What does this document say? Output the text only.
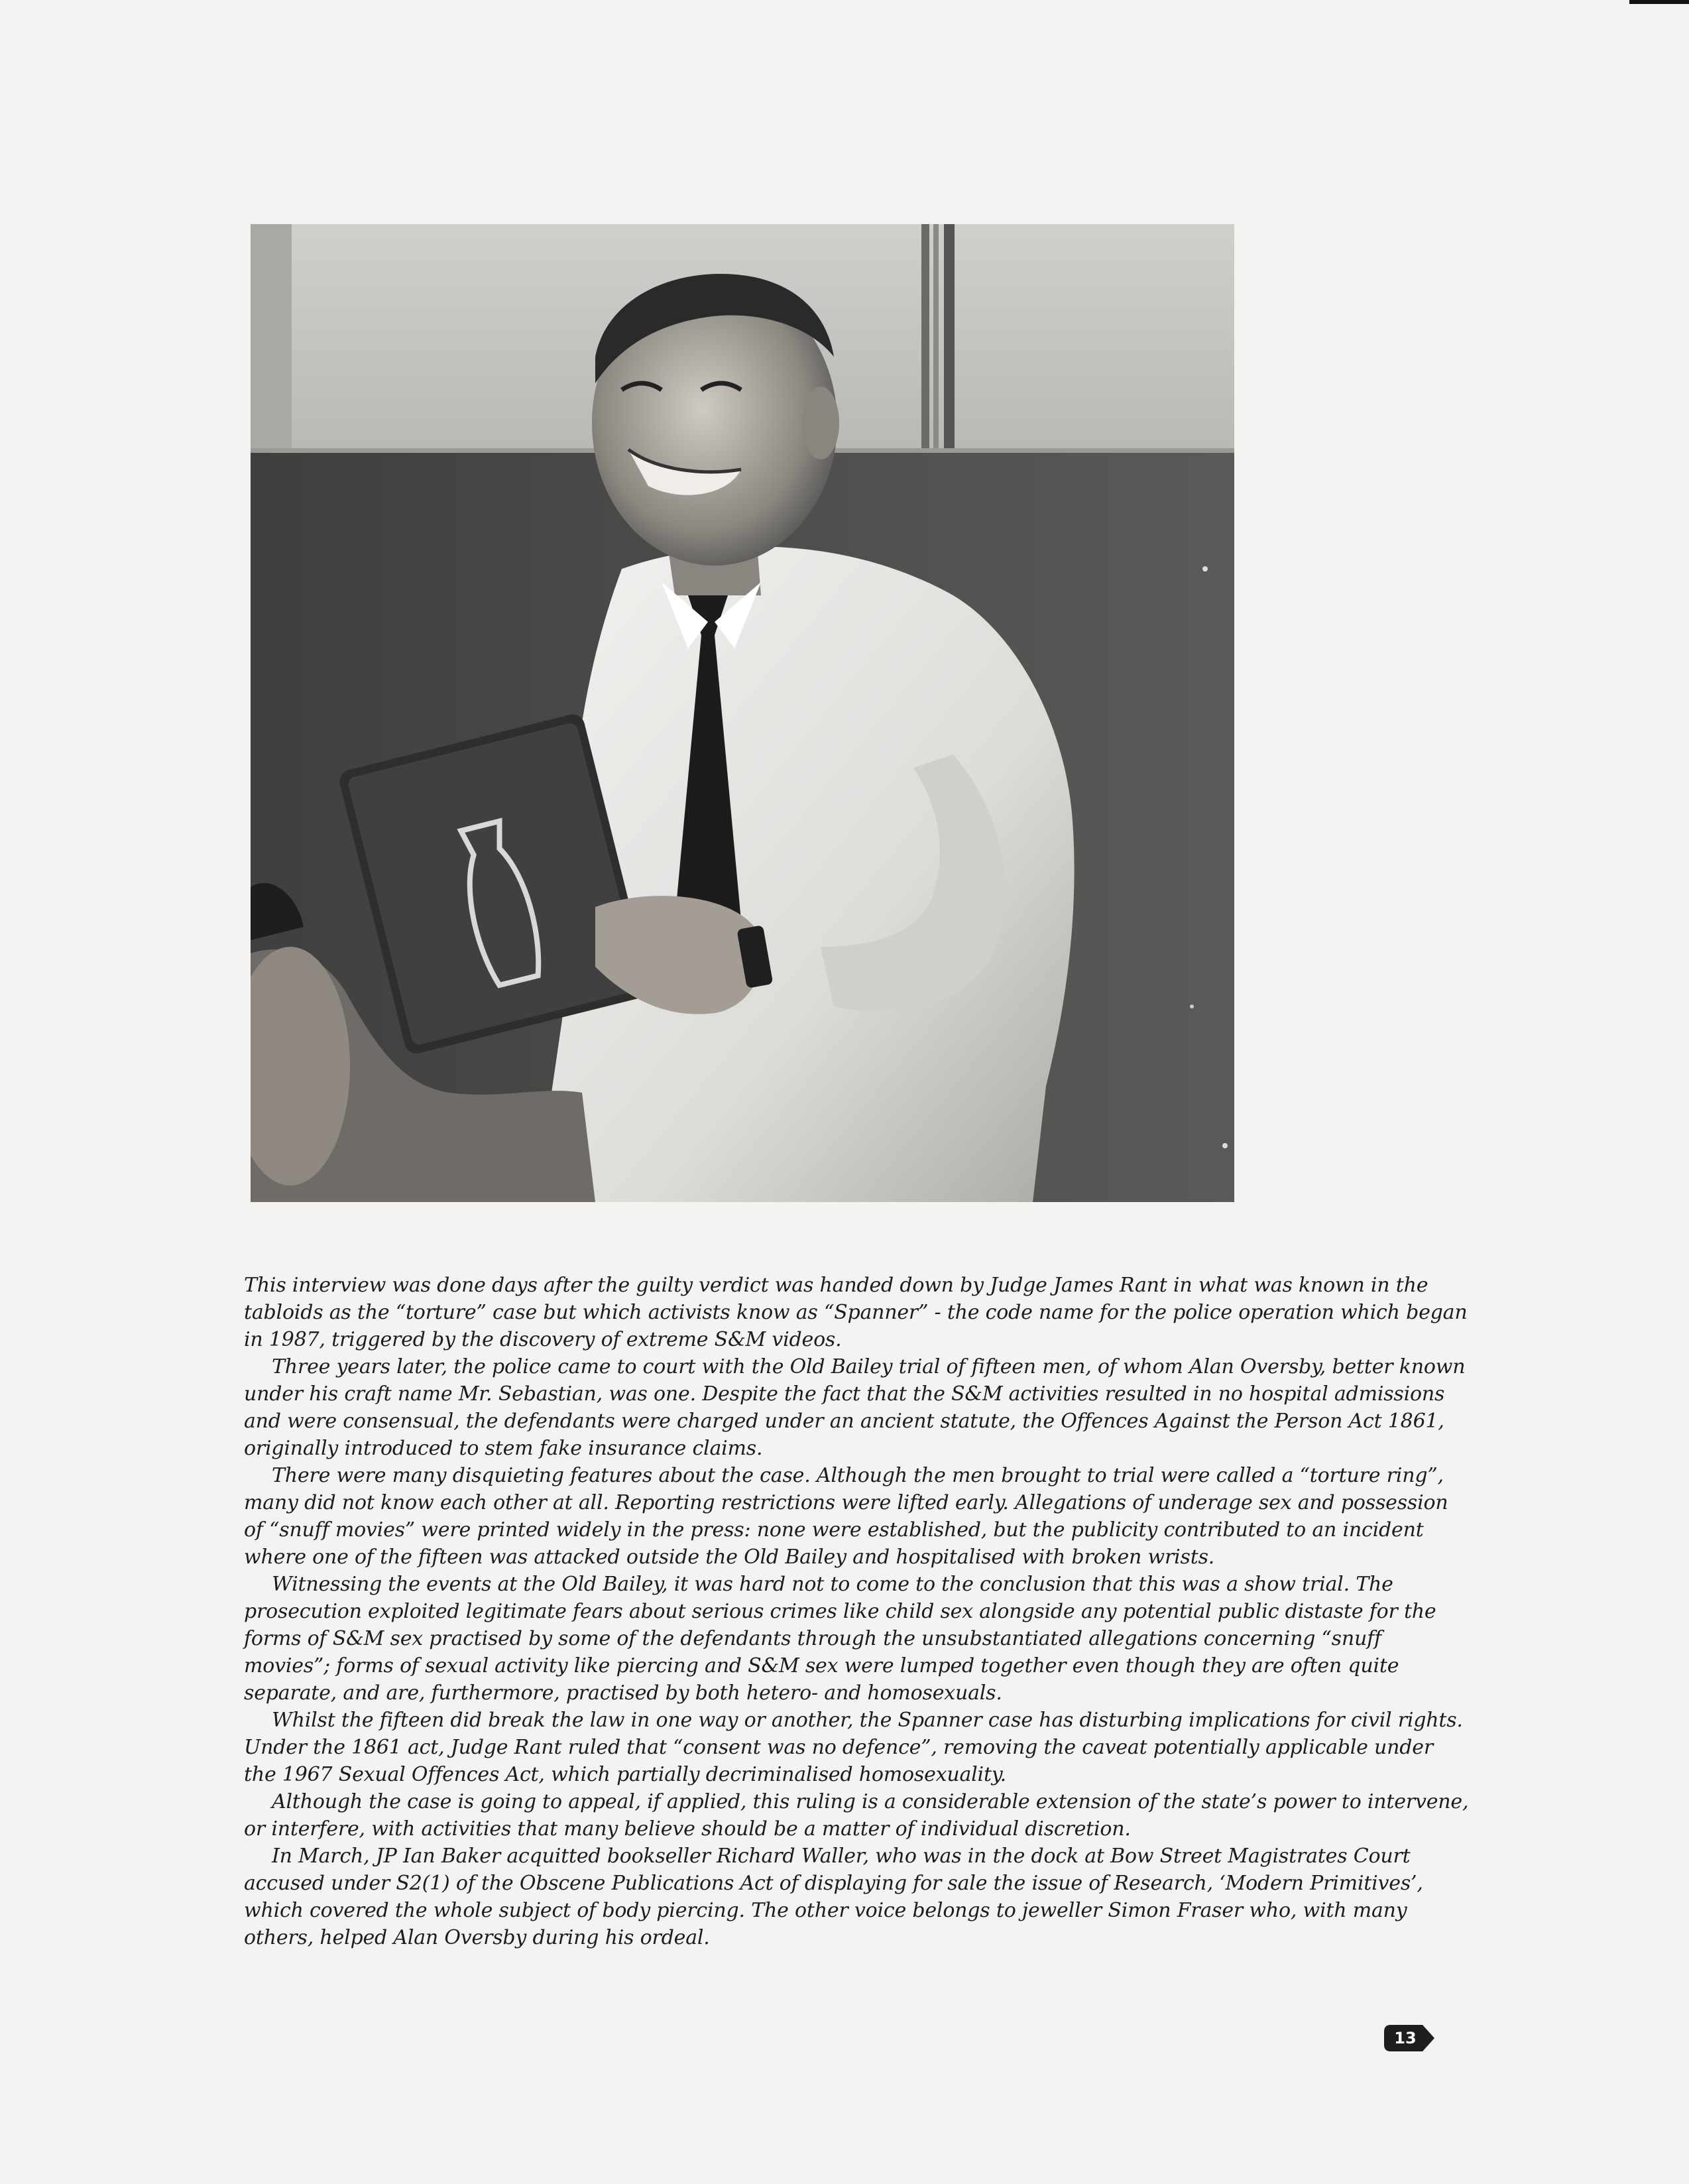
This interview was done days after the guilty verdict was handed down by Judge James Rant in what was known in the tabloids as the “torture” case but which activists know as “Spanner” - the code name for the police operation which began in 1987, triggered by the discovery of extreme S&M videos.

Three years later, the police came to court with the Old Bailey trial of fifteen men, of whom Alan Oversby, better known under his craft name Mr. Sebastian, was one. Despite the fact that the S&M activities resulted in no hospital admissions and were consensual, the defendants were charged under an ancient statute, the Offences Against the Person Act 1861, originally introduced to stem fake insurance claims.

There were many disquieting features about the case. Although the men brought to trial were called a “torture ring”, many did not know each other at all. Reporting restrictions were lifted early. Allegations of underage sex and possession of “snuff movies” were printed widely in the press: none were established, but the publicity contributed to an incident where one of the fifteen was attacked outside the Old Bailey and hospitalised with broken wrists.

Witnessing the events at the Old Bailey, it was hard not to come to the conclusion that this was a show trial. The prosecution exploited legitimate fears about serious crimes like child sex alongside any potential public distaste for the forms of S&M sex practised by some of the defendants through the unsubstantiated allegations concerning “snuff movies”; forms of sexual activity like piercing and S&M sex were lumped together even though they are often quite separate, and are, furthermore, practised by both hetero- and homosexuals.

Whilst the fifteen did break the law in one way or another, the Spanner case has disturbing implications for civil rights. Under the 1861 act, Judge Rant ruled that “consent was no defence”, removing the caveat potentially applicable under the 1967 Sexual Offences Act, which partially decriminalised homosexuality.

Although the case is going to appeal, if applied, this ruling is a considerable extension of the state’s power to intervene, or interfere, with activities that many believe should be a matter of individual discretion.

In March, JP Ian Baker acquitted bookseller Richard Waller, who was in the dock at Bow Street Magistrates Court accused under S2(1) of the Obscene Publications Act of displaying for sale the issue of Research, ‘Modern Primitives’, which covered the whole subject of body piercing. The other voice belongs to jeweller Simon Fraser who, with many others, helped Alan Oversby during his ordeal.

13
